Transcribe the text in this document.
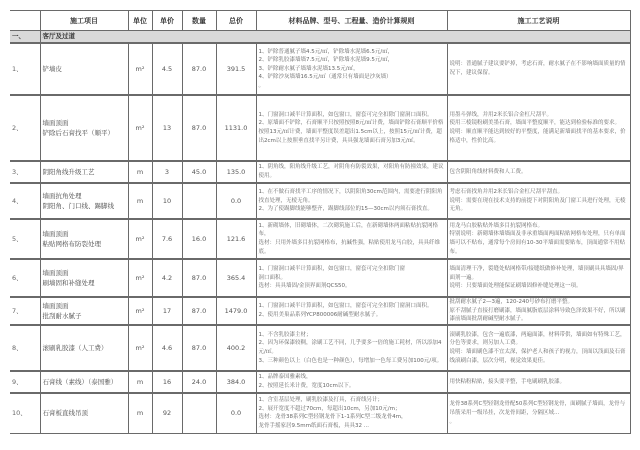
	施工项目	单位	单价	数量	总价	材料品牌、型号、工程量、造价计算规则	施工工艺说明
一、	客厅及过道						
1、	铲墙皮	m²	4.5	87.0	391.5	1、铲除普通腻子墙4.5元/㎡，铲除墙水泥墙6.5元/㎡，
2、铲除乳胶漆墙墙7.5元/㎡，铲除墙水泥墙9.5元/㎡，
3、铲除耐水腻子墙墙水泥墙13.5元/㎡，
4、铲除沙灰墙墙16.5元/㎡（通常只有墙面是沙灰墙）
。	说明：普通腻子建议要铲掉，考虑石膏，耐水腻子在不影响墙面质量的情况下，建议保留。
2、	墙面顶面
铲除后石膏找平（顺平）	m²	13	87.0	1131.0	1、门窗洞口减半计算面积，如包窗口，窗套可完全扣除门窗洞口面积。
2、原墙面不铲除，石膏顺平只按照按照8元/㎡计费，墙面铲除石膏顺平价格按照13元/㎡计费，墙面平整度误差超出1.5cm以上，按照15元/㎡计费，超出2cm以上按照垂直找平另计费，具具强龙墙面石膏另加3元/㎡。	用墨斗弹线，并用2米长铝合金杠尺刮平。
使用三棱镜粉刷美墨石膏，墙面平整度顺平，能达到检验标准的要求。
说明：顺直顺平能达到较好的平整度，能满足新墙面找平的基本要求，价格适中，性价比高。
3、	阴阳角线升级工艺	m	3	45.0	135.0	1、阴角线，阳角线升级工艺，对阴角有防裂效果，对阳角有防撞效果，建议使用。	包含阴阳角线材料费和人工费。
4、	墙面抗角处理
阴阳角、门口线、踢脚线	m	10		0.0	1、在不做石膏找平工序的情况下，以阴阳角30cm范围内，需要进行阴阳角找直处理，无棱无角。
2、为了使踢脚线能够整齐，踢脚线部位的15—30cm以内须石膏找直。	考虑石膏找角并用2米长铝合金杠尺刮平刮直。
说明：需要在现在技术支持的前提下对阴阳角及门窗工具进行处理，无棱无角。
5、	墙面顶面
粘贴网格布防裂处理	m²	7.6	16.0	121.6	1、新砌墙体，旧砌墙体，二次砌筑施工后，在新砌墙体两面粘贴抗裂网格布，
选材：只用外墙多目抗裂网格布，抗碱性强，粘贴使用龙马白胶，具具纤维底。	用龙马白胶粘贴外墙多目抗裂网格布。
特别说明：新砌墙体墙墙面及非承重墙面两面粘贴网格布处理，只有单面墙可以不贴布，通常每个房间有10-30平墙面需要贴布，顶面通常不用贴布。
6、	墙面顶面
刷墙固和补缝处理	m²	4.2	87.0	365.4	1、门窗洞口减半计算面积，如包窗口，窗套可完全扣除门窗
洞口面积。
选材：具具墙固/金顶界面剂QCS50。	墙面清理干净，裂缝处贴网格带/接缝纸做修补处理，墙顶刷具具墙固/界面剂一遍。
说明：只要墙面处理能保证刷墙固修补缝处理这一项。
7、	墙面顶面
批刮耐水腻子	m²	17	87.0	1479.0	1、门窗洞口减半计算面积，如包窗口，窗套可完全扣除门窗洞口面积。
2、使用美巢品系列YCP800006耐碱型耐水腻子。	批刮耐水腻子2—3遍，120-240号砂布打磨平整。
原不刮腻子直接打磨刷漆，墙面腻脂底层涂料导致色泽效果不好，所以刷漆前墙面批刮耐碱型耐水腻子。
8、	滚刷乳胶漆（人工费）	m²	4.6	87.0	400.2	1、不含乳胶漆主材；
2、因为环保漆较稠，涂刷工艺不同，几乎要多一倍的施工耗材，所以添加4元/㎡。
3、三种颜色以上（白色也是一种颜色），每增加一色每工费另加100元/项。	滚刷乳胶漆，包含一遍底漆，两遍面漆，材料带供，墙面如有特殊工艺，分色等要求，则另加人工费。
说明：墙面刷色漆不宜太深，保护老人和孩子的视力，顶面以浅面及石膏线滚刷白漆，层次分明，视觉效果更佳。
9、	石膏线（素线）（泰国雅）	m	16	24.0	384.0	1、品牌泰国雅素线，
2、按照延长米计费，宽度10cm以下。	用快粘粉粘贴，接头要平整，手电刷刷乳胶漆。
10、	石膏板直线吊顶	m	92		0.0	1、含室基层处理，刷乳胶漆及打具，石膏线另计；
2、展开宽度不超过70cm，每超出10cm，另加10元/m；
选材：龙骨38系列C型轻钢龙骨下1-1系列C型二级龙骨4m，
龙骨手摇家居9.5mm纸面石膏板，具具32 ...	龙骨38系列C型轻钢龙骨配50系列C型轻钢龙骨，面刷腻子墙面，龙骨与吊筋采用一级吊挂，次龙骨间距，分隔区域...
。
